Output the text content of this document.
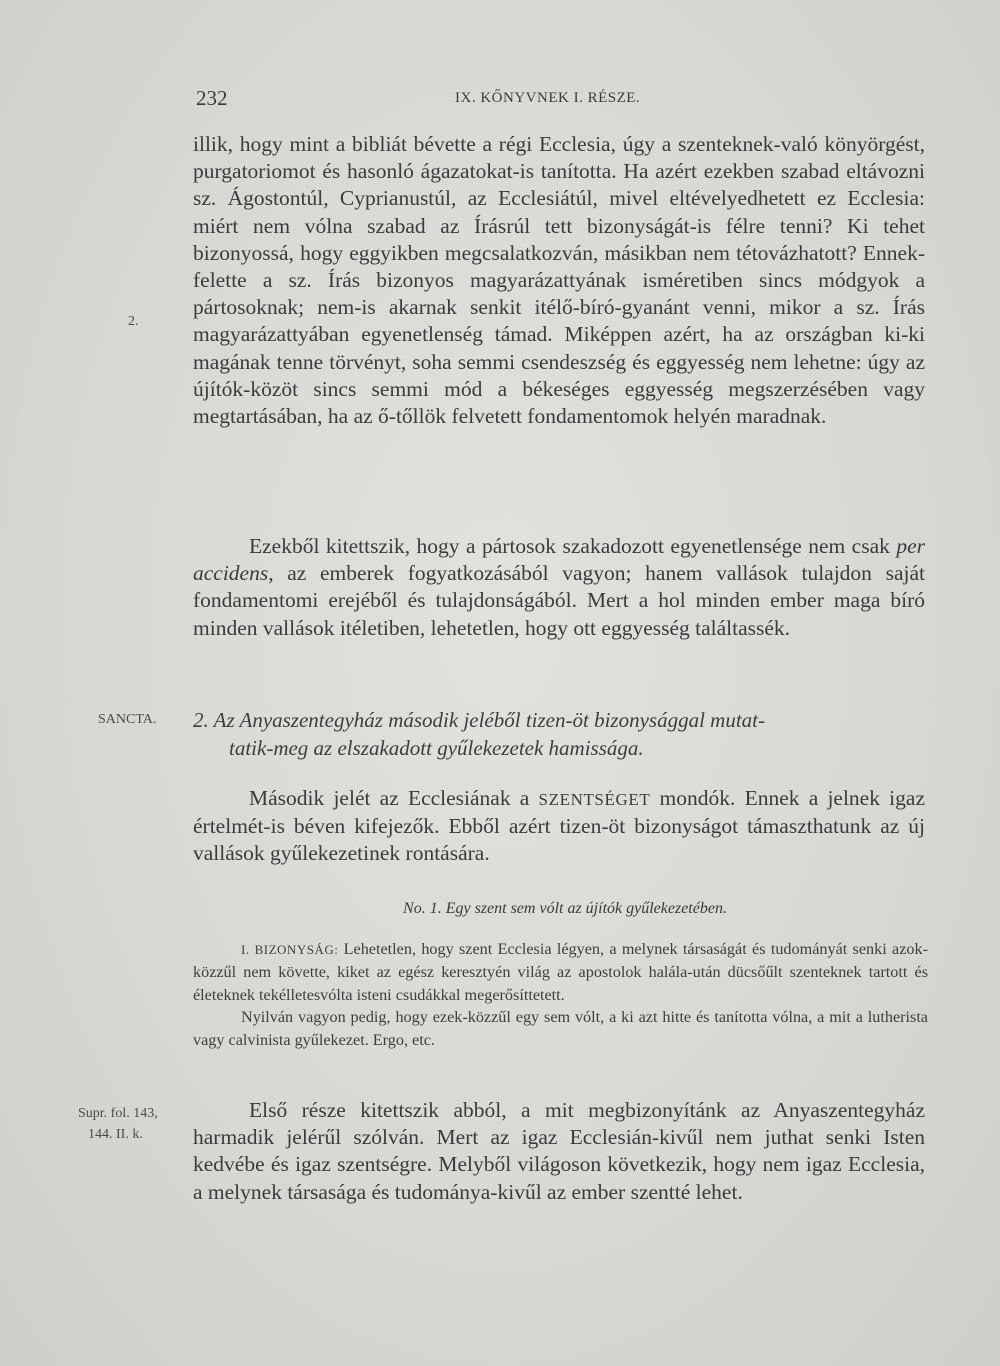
232	IX. KŐNYVNEK I. RÉSZE.
2.

illik, hogy mint a bibliát bévette a régi Ecclesia, úgy a szenteknek-való könyörgést, purgatoriomot és hasonló ágazatokat-is tanította. Ha azért ezekben szabad eltávozni sz. Ágostontúl, Cyprianustúl, az Ecclesiátúl, mivel eltévelyedhetett ez Ecclesia: miért nem vólna szabad az Írásrúl tett bizonyságát-is félre tenni? Ki tehet bizonyossá, hogy eggyikben megcsalatkozván, másikban nem tétovázhatott? Ennek-felette a sz. Írás bizonyos magyarázattyának isméretiben sincs módgyok a pártosoknak; nem-is akarnak senkit itélő-bíró-gyanánt venni, mikor a sz. Írás magyarázattyában egyenetlenség támad. Miképpen azért, ha az országban ki-ki magának tenne törvényt, soha semmi csendeszség és eggyesség nem lehetne: úgy az újítók-közöt sincs semmi mód a békeséges eggyesség megszerzésében vagy megtartásában, ha az ő-tőllök felvetett fondamentomok helyén maradnak.

Ezekből kitettszik, hogy a pártosok szakadozott egyenetlensége nem csak per accidens, az emberek fogyatkozásából vagyon; hanem vallások tulajdon saját fondamentomi erejéből és tulajdonságából. Mert a hol minden ember maga bíró minden vallások itéletiben, lehetetlen, hogy ott eggyesség találtassék.

SANCTA. 2. Az Anyaszentegyház második jeléből tizen-öt bizonysággal mutat-
tatik-meg az elszakadott gyűlekezetek hamissága.

Második jelét az Ecclesiának a SZENTSÉGET mondók. Ennek a jelnek igaz értelmét-is béven kifejezők. Ebből azért tizen-öt bizonyságot támaszthatunk az új vallások gyűlekezetinek rontására.

No. 1. Egy szent sem vólt az újítók gyűlekezetében.

I. BIZONYSÁG: Lehetetlen, hogy szent Ecclesia légyen, a melynek társaságát és tudományát senki azok-közzűl nem követte, kiket az egész keresztyén világ az apostolok halála-után dücsőűlt szenteknek tartott és életeknek tekélletesvólta isteni csudákkal megerősíttetett.

Nyilván vagyon pedig, hogy ezek-közzűl egy sem vólt, a ki azt hitte és tanította vólna, a mit a lutherista vagy calvinista gyűlekezet. Ergo, etc.

Supr. fol. 143,
144. II. k.

Első része kitettszik abból, a mit megbizonyítánk az Anyaszentegyház harmadik jelérűl szólván. Mert az igaz Ecclesián-kivűl nem juthat senki Isten kedvébe és igaz szentségre. Melyből világoson következik, hogy nem igaz Ecclesia, a melynek társasága és tudománya-kivűl az ember szentté lehet.
